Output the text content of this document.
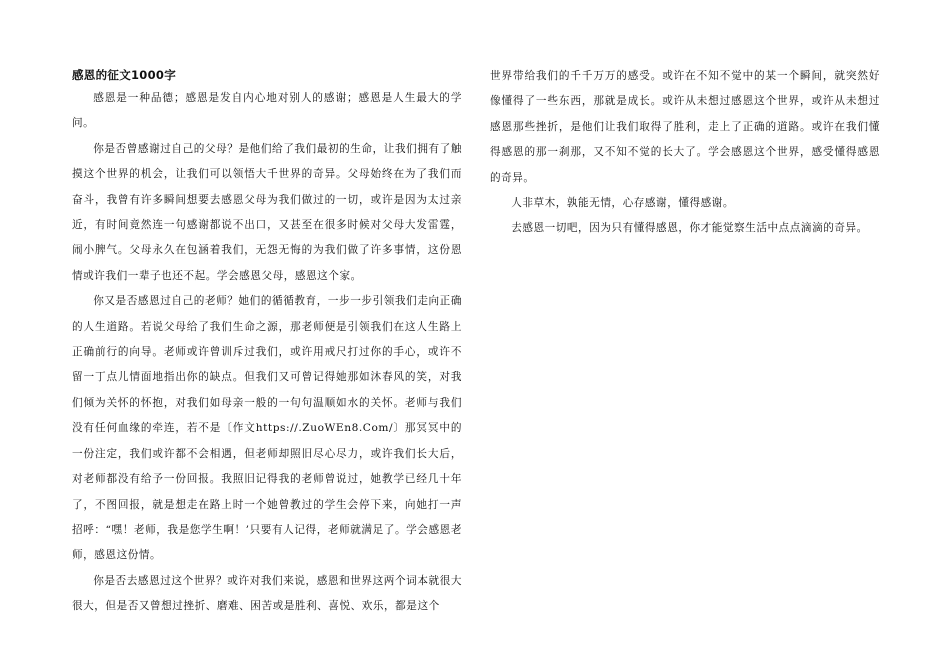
感恩的征文1000字

感恩是一种品德；感恩是发自内心地对别人的感谢；感恩是人生最大的学问。

你是否曾感谢过自己的父母？是他们给了我们最初的生命，让我们拥有了触摸这个世界的机会，让我们可以领悟大千世界的奇异。父母始终在为了我们而奋斗，我曾有许多瞬间想要去感恩父母为我们做过的一切，或许是因为太过亲近，有时间竟然连一句感谢都说不出口，又甚至在很多时候对父母大发雷霆，闹小脾气。父母永久在包涵着我们，无怨无悔的为我们做了许多事情，这份恩情或许我们一辈子也还不起。学会感恩父母，感恩这个家。

你又是否感恩过自己的老师？她们的循循教育，一步一步引领我们走向正确的人生道路。若说父母给了我们生命之源，那老师便是引领我们在这人生路上正确前行的向导。老师或许曾训斥过我们，或许用戒尺打过你的手心，或许不留一丁点儿情面地指出你的缺点。但我们又可曾记得她那如沐春风的笑，对我们倾为关怀的怀抱，对我们如母亲一般的一句句温顺如水的关怀。老师与我们没有任何血缘的牵连，若不是〔作文https://.ZuoWEn8.Com/〕那冥冥中的一份注定，我们或许都不会相遇，但老师却照旧尽心尽力，或许我们长大后，对老师都没有给予一份回报。我照旧记得我的老师曾说过，她教学已经几十年了，不图回报，就是想走在路上时一个她曾教过的学生会停下来，向她打一声招呼：“嘿！老师，我是您学生啊！’只要有人记得，老师就满足了。学会感恩老师，感恩这份情。

你是否去感恩过这个世界？或许对我们来说，感恩和世界这两个词本就很大很大，但是否又曾想过挫折、磨难、困苦或是胜利、喜悦、欢乐，都是这个

世界带给我们的千千万万的感受。或许在不知不觉中的某一个瞬间，就突然好像懂得了一些东西，那就是成长。或许从未想过感恩这个世界，或许从未想过感恩那些挫折，是他们让我们取得了胜利，走上了正确的道路。或许在我们懂得感恩的那一刹那，又不知不觉的长大了。学会感恩这个世界，感受懂得感恩的奇异。

人非草木，孰能无情，心存感谢，懂得感谢。

去感恩一切吧，因为只有懂得感恩，你才能觉察生活中点点滴滴的奇异。
